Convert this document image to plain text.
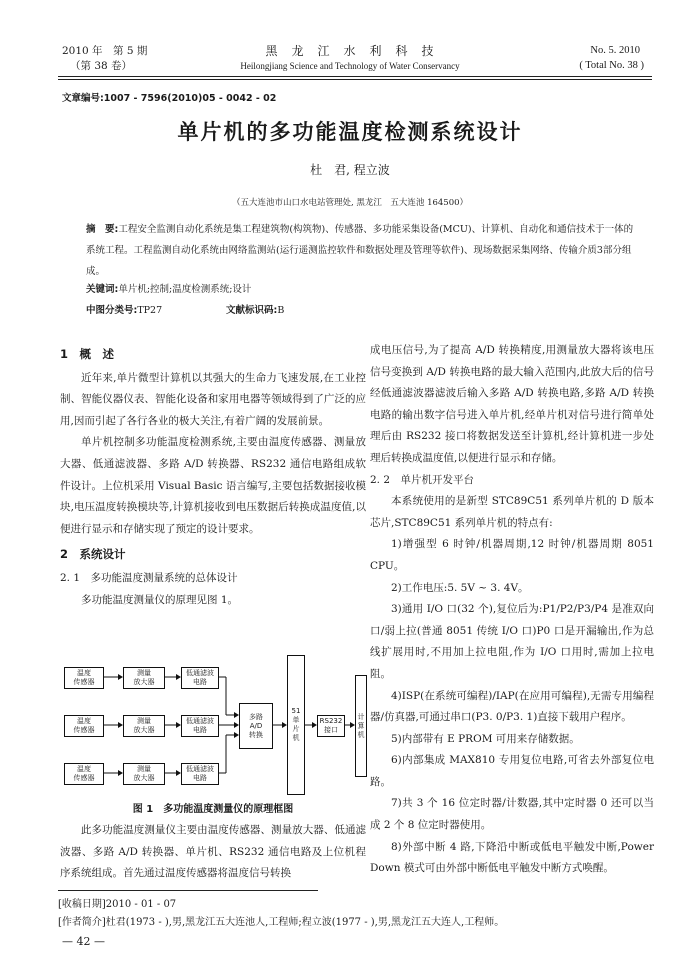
2010 年　第 5 期
（第 38 卷）
黑　龙　江　水　利　科　技
Heilongjiang Science and Technology of Water Conservancy
No. 5. 2010
( Total No. 38 )
文章编号:1007 - 7596(2010)05 - 0042 - 02
单片机的多功能温度检测系统设计
杜　君, 程立波
（五大连池市山口水电站管理处, 黑龙江　五大连池 164500）
摘　要:工程安全监测自动化系统是集工程建筑物(构筑物)、传感器、多功能采集设备(MCU)、计算机、自动化和通信技术于一体的系统工程。工程监测自动化系统由网络监测站(运行遥测监控软件和数据处理及管理等软件)、现场数据采集网络、传输介质3部分组成。
关键词:单片机;控制;温度检测系统;设计
中图分类号:TP27	文献标识码:B

1　概　述

近年来,单片微型计算机以其强大的生命力飞速发展,在工业控制、智能仪器仪表、智能化设备和家用电器等领域得到了广泛的应用,因而引起了各行各业的极大关注,有着广阔的发展前景。

单片机控制多功能温度检测系统,主要由温度传感器、测量放大器、低通滤波器、多路 A/D 转换器、RS232 通信电路组成软件设计。上位机采用 Visual Basic 语言编写,主要包括数据接收模块,电压温度转换模块等,计算机接收到电压数据后转换成温度值,以便进行显示和存储实现了预定的设计要求。

2　系统设计

2. 1　多功能温度测量系统的总体设计

多功能温度测量仪的原理见图 1。

温度
传感器
测量
放大器
低通滤波
电路
温度
传感器
测量
放大器
低通滤波
电路
温度
传感器
测量
放大器
低通滤波
电路
多路
A/D
转换
51
单
片
机
RS232
接口
计
算
机
图 1　多功能温度测量仪的原理框图

此多功能温度测量仪主要由温度传感器、测量放大器、低通滤波器、多路 A/D 转换器、单片机、RS232 通信电路及上位机程序系统组成。首先通过温度传感器将温度信号转换

成电压信号,为了提高 A/D 转换精度,用测量放大器将该电压信号变换到 A/D 转换电路的最大输入范围内,此放大后的信号经低通滤波器滤波后输入多路 A/D 转换电路,多路 A/D 转换电路的输出数字信号进入单片机,经单片机对信号进行简单处理后由 RS232 接口将数据发送至计算机,经计算机进一步处理后转换成温度值,以便进行显示和存储。

2. 2　单片机开发平台

本系统使用的是新型 STC89C51 系列单片机的 D 版本芯片,STC89C51 系列单片机的特点有:

1)增强型 6 时钟/机器周期,12 时钟/机器周期 8051 CPU。

2)工作电压:5. 5V ~ 3. 4V。

3)通用 I/O 口(32 个),复位后为:P1/P2/P3/P4 是准双向口/弱上拉(普通 8051 传统 I/O 口)P0 口是开漏输出,作为总线扩展用时,不用加上拉电阻,作为 I/O 口用时,需加上拉电阻。

4)ISP(在系统可编程)/IAP(在应用可编程),无需专用编程器/仿真器,可通过串口(P3. 0/P3. 1)直接下载用户程序。

5)内部带有 E PROM 可用来存储数据。

6)内部集成 MAX810 专用复位电路,可省去外部复位电路。

7)共 3 个 16 位定时器/计数器,其中定时器 0 还可以当成 2 个 8 位定时器使用。

8)外部中断 4 路,下降沿中断或低电平触发中断,Power Down 模式可由外部中断低电平触发中断方式唤醒。

[收稿日期]2010 - 01 - 07
[作者简介]杜君(1973 - ),男,黑龙江五大连池人,工程师;程立波(1977 - ),男,黑龙江五大连人,工程师。
— 42 —
